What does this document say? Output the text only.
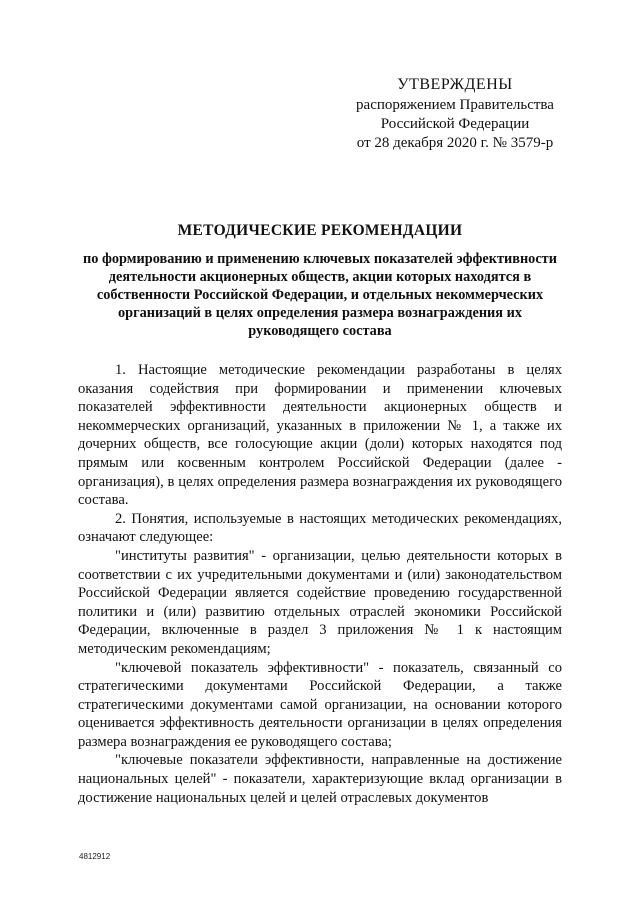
УТВЕРЖДЕНЫ
распоряжением Правительства
Российской Федерации
от 28 декабря 2020 г. № 3579-р
МЕТОДИЧЕСКИЕ РЕКОМЕНДАЦИИ
по формированию и применению ключевых показателей эффективности деятельности акционерных обществ, акции которых находятся в собственности Российской Федерации, и отдельных некоммерческих организаций в целях определения размера вознаграждения их руководящего состава

1. Настоящие методические рекомендации разработаны в целях оказания содействия при формировании и применении ключевых показателей эффективности деятельности акционерных обществ и некоммерческих организаций, указанных в приложении № 1, а также их дочерних обществ, все голосующие акции (доли) которых находятся под прямым или косвенным контролем Российской Федерации (далее - организация), в целях определения размера вознаграждения их руководящего состава.

2. Понятия, используемые в настоящих методических рекомендациях, означают следующее:

"институты развития" - организации, целью деятельности которых в соответствии с их учредительными документами и (или) законодательством Российской Федерации является содействие проведению государственной политики и (или) развитию отдельных отраслей экономики Российской Федерации, включенные в раздел 3 приложения № 1 к настоящим методическим рекомендациям;

"ключевой показатель эффективности" - показатель, связанный со стратегическими документами Российской Федерации, а также стратегическими документами самой организации, на основании которого оценивается эффективность деятельности организации в целях определения размера вознаграждения ее руководящего состава;

"ключевые показатели эффективности, направленные на достижение национальных целей" - показатели, характеризующие вклад организации в достижение национальных целей и целей отраслевых документов

4812912
